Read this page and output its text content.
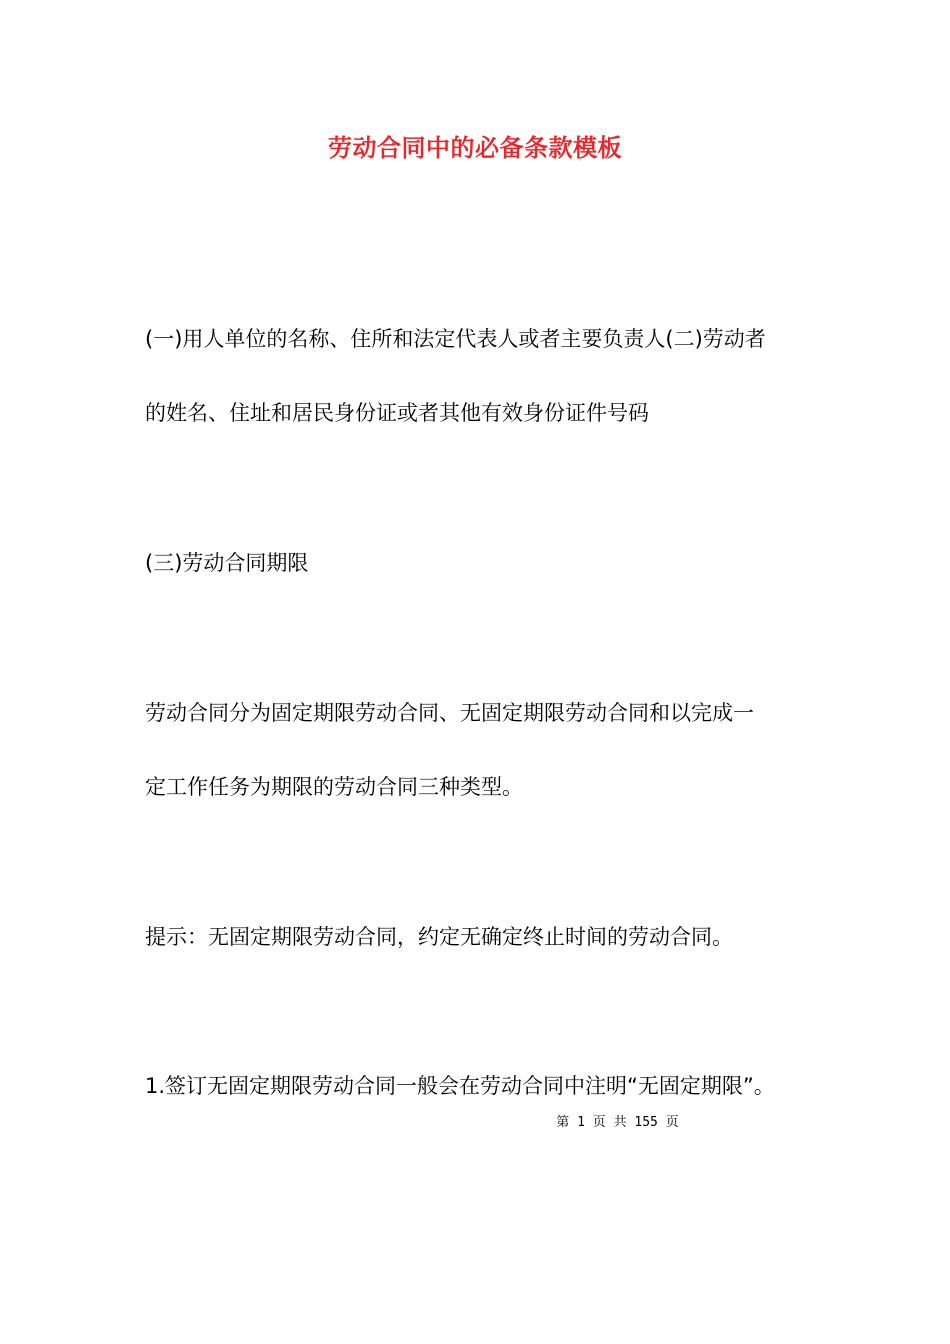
劳动合同中的必备条款模板
(一)用人单位的名称、住所和法定代表人或者主要负责人(二)劳动者
的姓名、住址和居民身份证或者其他有效身份证件号码
(三)劳动合同期限
劳动合同分为固定期限劳动合同、无固定期限劳动合同和以完成一
定工作任务为期限的劳动合同三种类型。
提示：无固定期限劳动合同，约定无确定终止时间的劳动合同。
1.签订无固定期限劳动合同一般会在劳动合同中注明“无固定期限”。
第 1 页 共 155 页
